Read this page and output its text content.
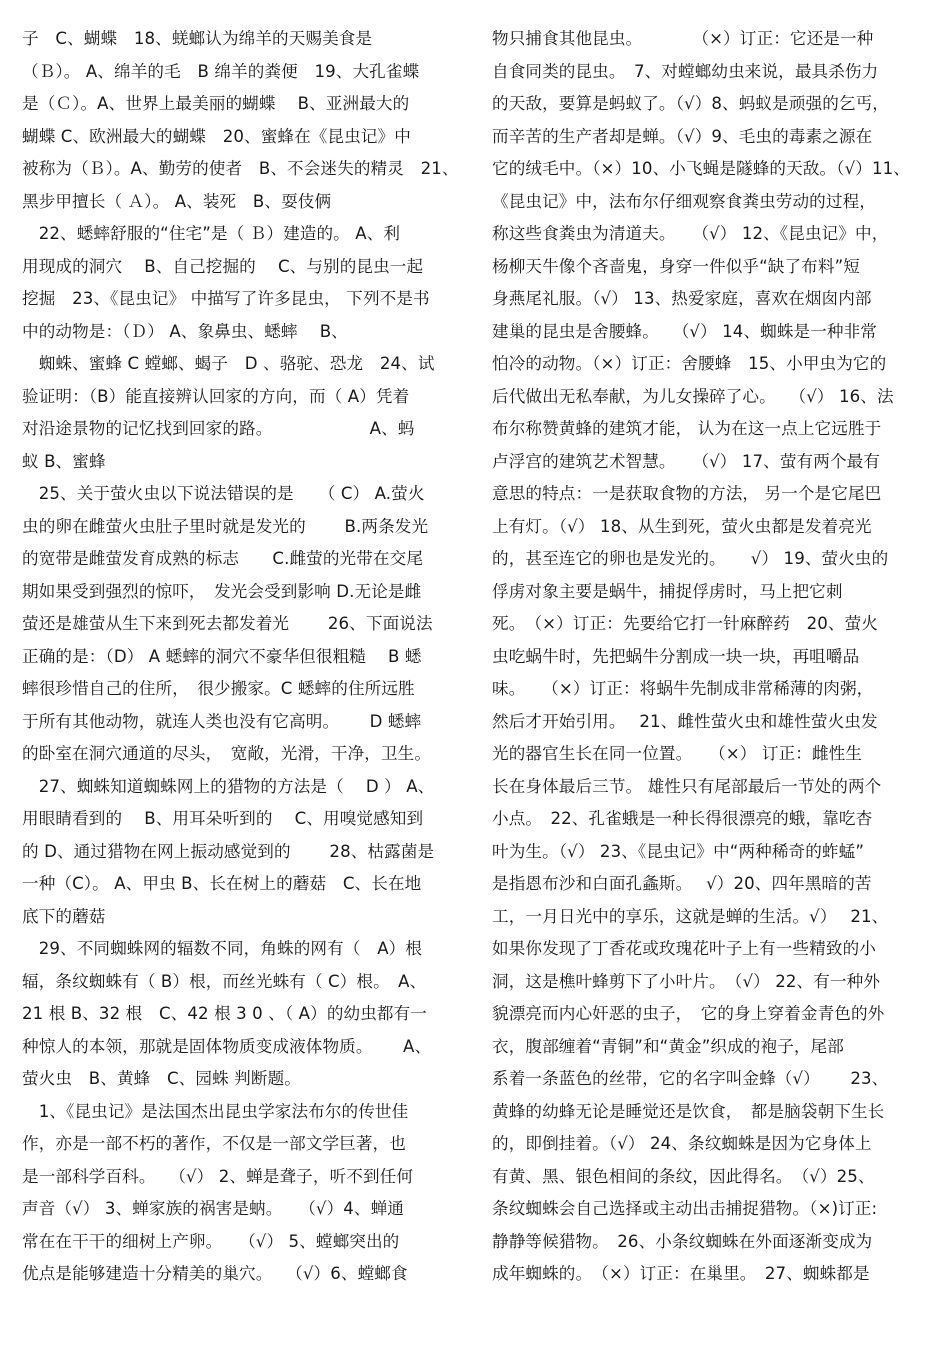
子　C、蝴蝶　18、蜣螂认为绵羊的天赐美食是
（Ｂ）。 A、绵羊的毛　B 绵羊的粪便　19、大孔雀蝶
是（Ｃ）。A、世界上最美丽的蝴蝶　 B、亚洲最大的
蝴蝶 C、欧洲最大的蝴蝶　20、蜜蜂在《昆虫记》中
被称为（Ｂ）。A、勤劳的使者　B、不会迷失的精灵　21、
黑步甲擅长（ Ａ）。 A、装死　B、耍伎俩
　22、蟋蟀舒服的“住宅”是（ Ｂ）建造的。 A、利
用现成的洞穴　 B、自己挖掘的　 C、与别的昆虫一起
挖掘　23、《昆虫记》 中描写了许多昆虫， 下列不是书
中的动物是：（Ｄ） A、象鼻虫、蟋蟀　 B、
　蜘蛛、蜜蜂 C 螳螂、蝎子　D 、骆驼、恐龙　24、试
验证明：（B）能直接辨认回家的方向，而（ A）凭着
对沿途景物的记忆找到回家的路。　　　　　　 A、蚂
蚁 B、蜜蜂
　25、关于萤火虫以下说法错误的是　　（ C） A.萤火
虫的卵在雌萤火虫肚子里时就是发光的　 　B.两条发光
的宽带是雌萤发育成熟的标志　　C.雌萤的光带在交尾
期如果受到强烈的惊吓，　发光会受到影响 D.无论是雌
萤还是雄萤从生下来到死去都发着光　 　26、下面说法
正确的是：（D） A 蟋蟀的洞穴不豪华但很粗糙　 B 蟋
蟀很珍惜自己的住所，　很少搬家。C 蟋蟀的住所远胜
于所有其他动物，就连人类也没有它高明。　　 D 蟋蟀
的卧室在洞穴通道的尽头，　宽敞，光滑，干净，卫生。
　27、蜘蛛知道蜘蛛网上的猎物的方法是（　 D ） A、
用眼睛看到的　 B、用耳朵听到的　 C、用嗅觉感知到
的 D、通过猎物在网上振动感觉到的　 　28、枯露菌是
一种（C）。 A、甲虫 B、长在树上的蘑菇　C、长在地
底下的蘑菇
　29、不同蜘蛛网的辐数不同，角蛛的网有（　A）根
辐，条纹蜘蛛有（ B）根，而丝光蛛有（ C）根。　A、
21 根 B、32 根　C、42 根 3 0 、（ A）的幼虫都有一
种惊人的本领，那就是固体物质变成液体物质。　　 A、
萤火虫　B、黄蜂　C、园蛛 判断题。
　1、《昆虫记》是法国杰出昆虫学家法布尔的传世佳
作，亦是一部不朽的著作，不仅是一部文学巨著，也
是一部科学百科。　 （√） 2、蝉是聋子，听不到任何
声音（√） 3、蝉家族的祸害是蚋。　　（√）4、蝉通
常在在干干的细树上产卵。　　（√） 5、螳螂突出的
优点是能够建造十分精美的巢穴。　 （√）6、螳螂食
物只捕食其他昆虫。　　　　（×）订正：它还是一种
自食同类的昆虫。　7、对螳螂幼虫来说，最具杀伤力
的天敌，要算是蚂蚁了。（√）8、蚂蚁是顽强的乞丐，
而辛苦的生产者却是蝉。（√）9、毛虫的毒素之源在
它的绒毛中。（×）10、小飞蝇是隧蜂的天敌。（√）11、
《昆虫记》中，法布尔仔细观察食粪虫劳动的过程，
称这些食粪虫为清道夫。　　（√） 12、《昆虫记》中，
杨柳天牛像个吝啬鬼，身穿一件似乎“缺了布料”短
身燕尾礼服。（√） 13、热爱家庭，喜欢在烟囱内部
建巢的昆虫是舍腰蜂。　 （√） 14、蜘蛛是一种非常
怕冷的动物。（×）订正：舍腰蜂　15、小甲虫为它的
后代做出无私奉献，为儿女操碎了心。　 （√） 16、法
布尔称赞黄蜂的建筑才能， 认为在这一点上它远胜于
卢浮宫的建筑艺术智慧。　　（√） 17、萤有两个最有
意思的特点：一是获取食物的方法， 另一个是它尾巴
上有灯。（√） 18、从生到死，萤火虫都是发着亮光
的，甚至连它的卵也是发光的。　　√） 19、萤火虫的
俘虏对象主要是蜗牛，捕捉俘虏时，马上把它刺
死。　（×）订正：先要给它打一针麻醉药　20、萤火
虫吃蜗牛时，先把蜗牛分割成一块一块，再咀嚼品
味。　　（×）订正：将蜗牛先制成非常稀薄的肉粥，
然后才开始引用。　 21、雌性萤火虫和雄性萤火虫发
光的器官生长在同一位置。　　（×） 订正：雌性生
长在身体最后三节。 雄性只有尾部最后一节处的两个
小点。　22、孔雀蛾是一种长得很漂亮的蛾，靠吃杏
叶为生。（√） 23、《昆虫记》中“两种稀奇的蚱蜢”
是指恩布沙和白面孔螽斯。　 √）20、四年黑暗的苦
工，一月日光中的享乐，这就是蝉的生活。√）　 21、
如果你发现了丁香花或玫瑰花叶子上有一些精致的小
洞，这是樵叶蜂剪下了小叶片。　（√） 22、有一种外
貌漂亮而内心奸恶的虫子，　它的身上穿着金青色的外
衣，腹部缠着“青铜”和“黄金”织成的袍子，尾部
系着一条蓝色的丝带，它的名字叫金蜂（√）　　 23、
黄蜂的幼蜂无论是睡觉还是饮食，　都是脑袋朝下生长
的，即倒挂着。（√） 24、条纹蜘蛛是因为它身体上
有黄、黑、银色相间的条纹，因此得名。　（√）25、
条纹蜘蛛会自己选择或主动出击捕捉猎物。（×)订正:
静静等候猎物。　26、小条纹蜘蛛在外面逐渐变成为
成年蜘蛛的。　（×）订正：在巢里。　27、蜘蛛都是
